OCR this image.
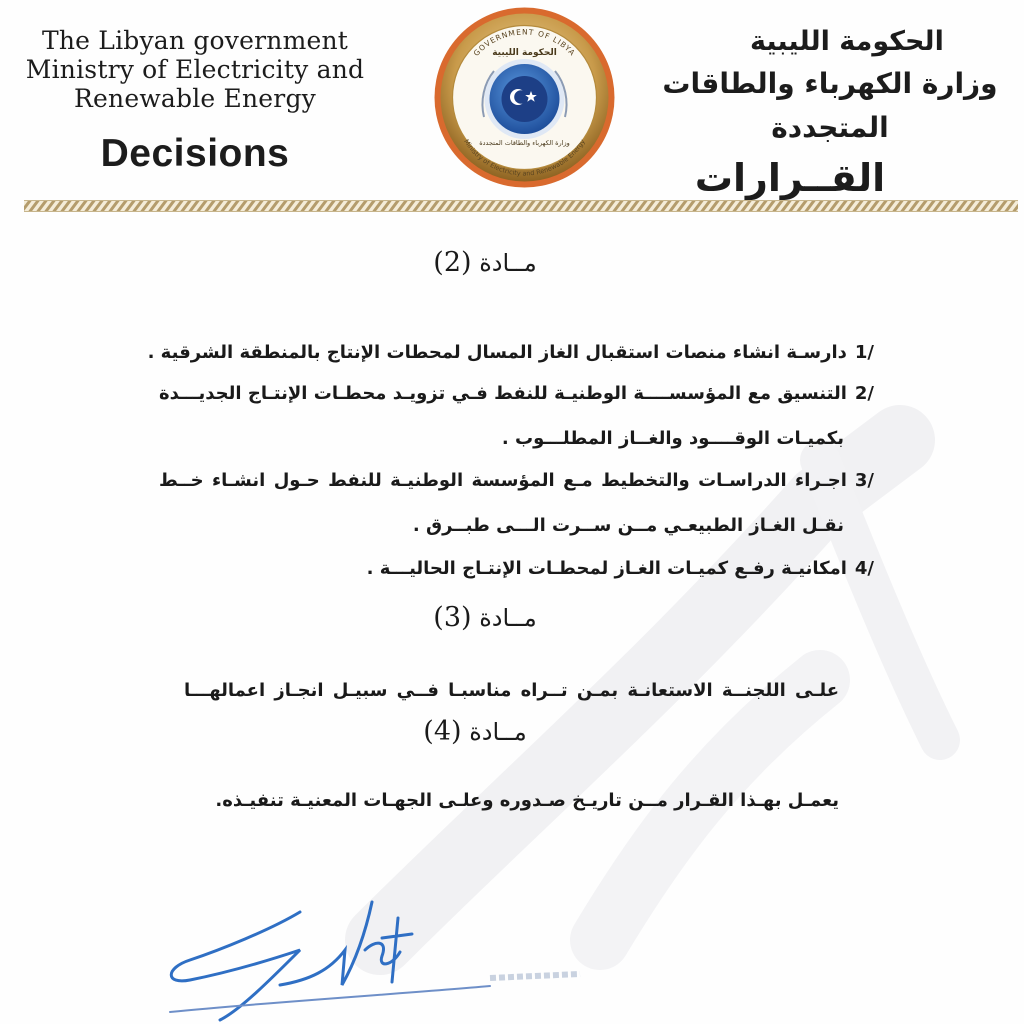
The Libyan government
Ministry of Electricity and
Renewable Energy
Decisions
GOVERNMENT OF LIBYA
Ministry of Electricity and Renewable Energy
الحكومة الليبية
وزارة الكهرباء والطاقات المتجددة
الحكومة الليبية
وزارة الكهرباء والطاقات المتجددة
القــرارات
مــادة (2)
/1دارسـة انشاء منصات استقبال الغاز المسال لمحطات الإنتاج بالمنطقة الشرقية .
/2التنسيق مع المؤسســــة الوطنيـة للنفط فـي تزويـد محطـات الإنتـاج الجديـــدة
بكميـات الوقــــود والغــاز المطلـــوب .
/3اجـراء الدراسـات والتخطيط مـع المؤسسة الوطنيـة للنفط حـول انشـاء خــط
نقـل الغـاز الطبيعـي مــن ســرت الـــى طبــرق .
/4امكانيـة رفـع كميـات الغـاز لمحطـات الإنتـاج الحاليـــة .
مــادة (3)
علـى اللجنــة الاستعانـة بمـن تــراه مناسبـا فــي سبيـل انجـاز اعمالهـــا
مــادة (4)
يعمـل بهـذا القـرار مــن تاريـخ صـدوره وعلـى الجهـات المعنيـة تنفيـذه.
